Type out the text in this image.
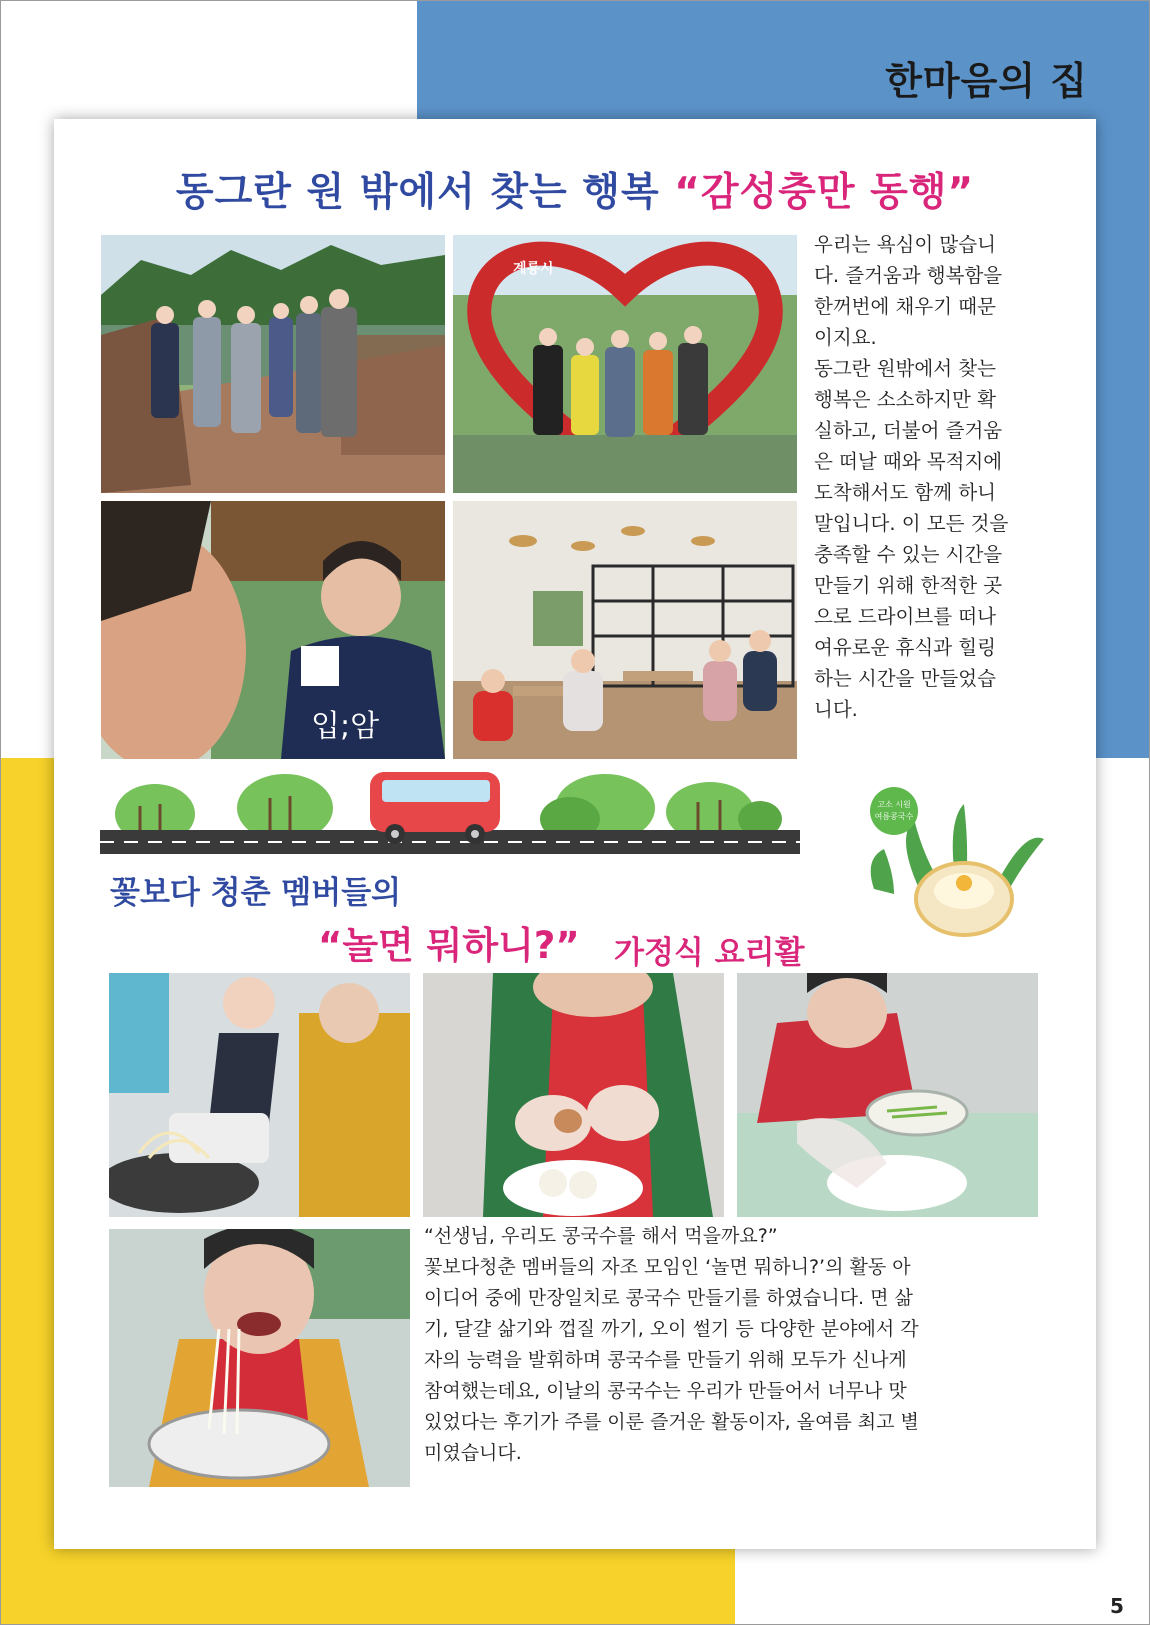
한마음의 집
동그란 원 밖에서 찾는 행복 “감성충만 동행”
계룡시
입;암
우리는 욕심이 많습니
다. 즐거움과 행복함을
한꺼번에 채우기 때문
이지요.
동그란 원밖에서 찾는
행복은 소소하지만 확
실하고, 더불어 즐거움
은 떠날 때와 목적지에
도착해서도 함께 하니
말입니다. 이 모든 것을
충족할 수 있는 시간을
만들기 위해 한적한 곳
으로 드라이브를 떠나
여유로운 휴식과 힐링
하는 시간을 만들었습
니다.
고소 시원
여름콩국수
꽃보다 청춘 멤버들의
“놀면 뭐하니?” 가정식 요리활
“선생님, 우리도 콩국수를 해서 먹을까요?”
꽃보다청춘 멤버들의 자조 모임인 ‘놀면 뭐하니?’의 활동 아
이디어 중에 만장일치로 콩국수 만들기를 하였습니다. 면 삶
기, 달걀 삶기와 껍질 까기, 오이 썰기 등 다양한 분야에서 각
자의 능력을 발휘하며 콩국수를 만들기 위해 모두가 신나게
참여했는데요, 이날의 콩국수는 우리가 만들어서 너무나 맛
있었다는 후기가 주를 이룬 즐거운 활동이자, 올여름 최고 별
미였습니다.
5
